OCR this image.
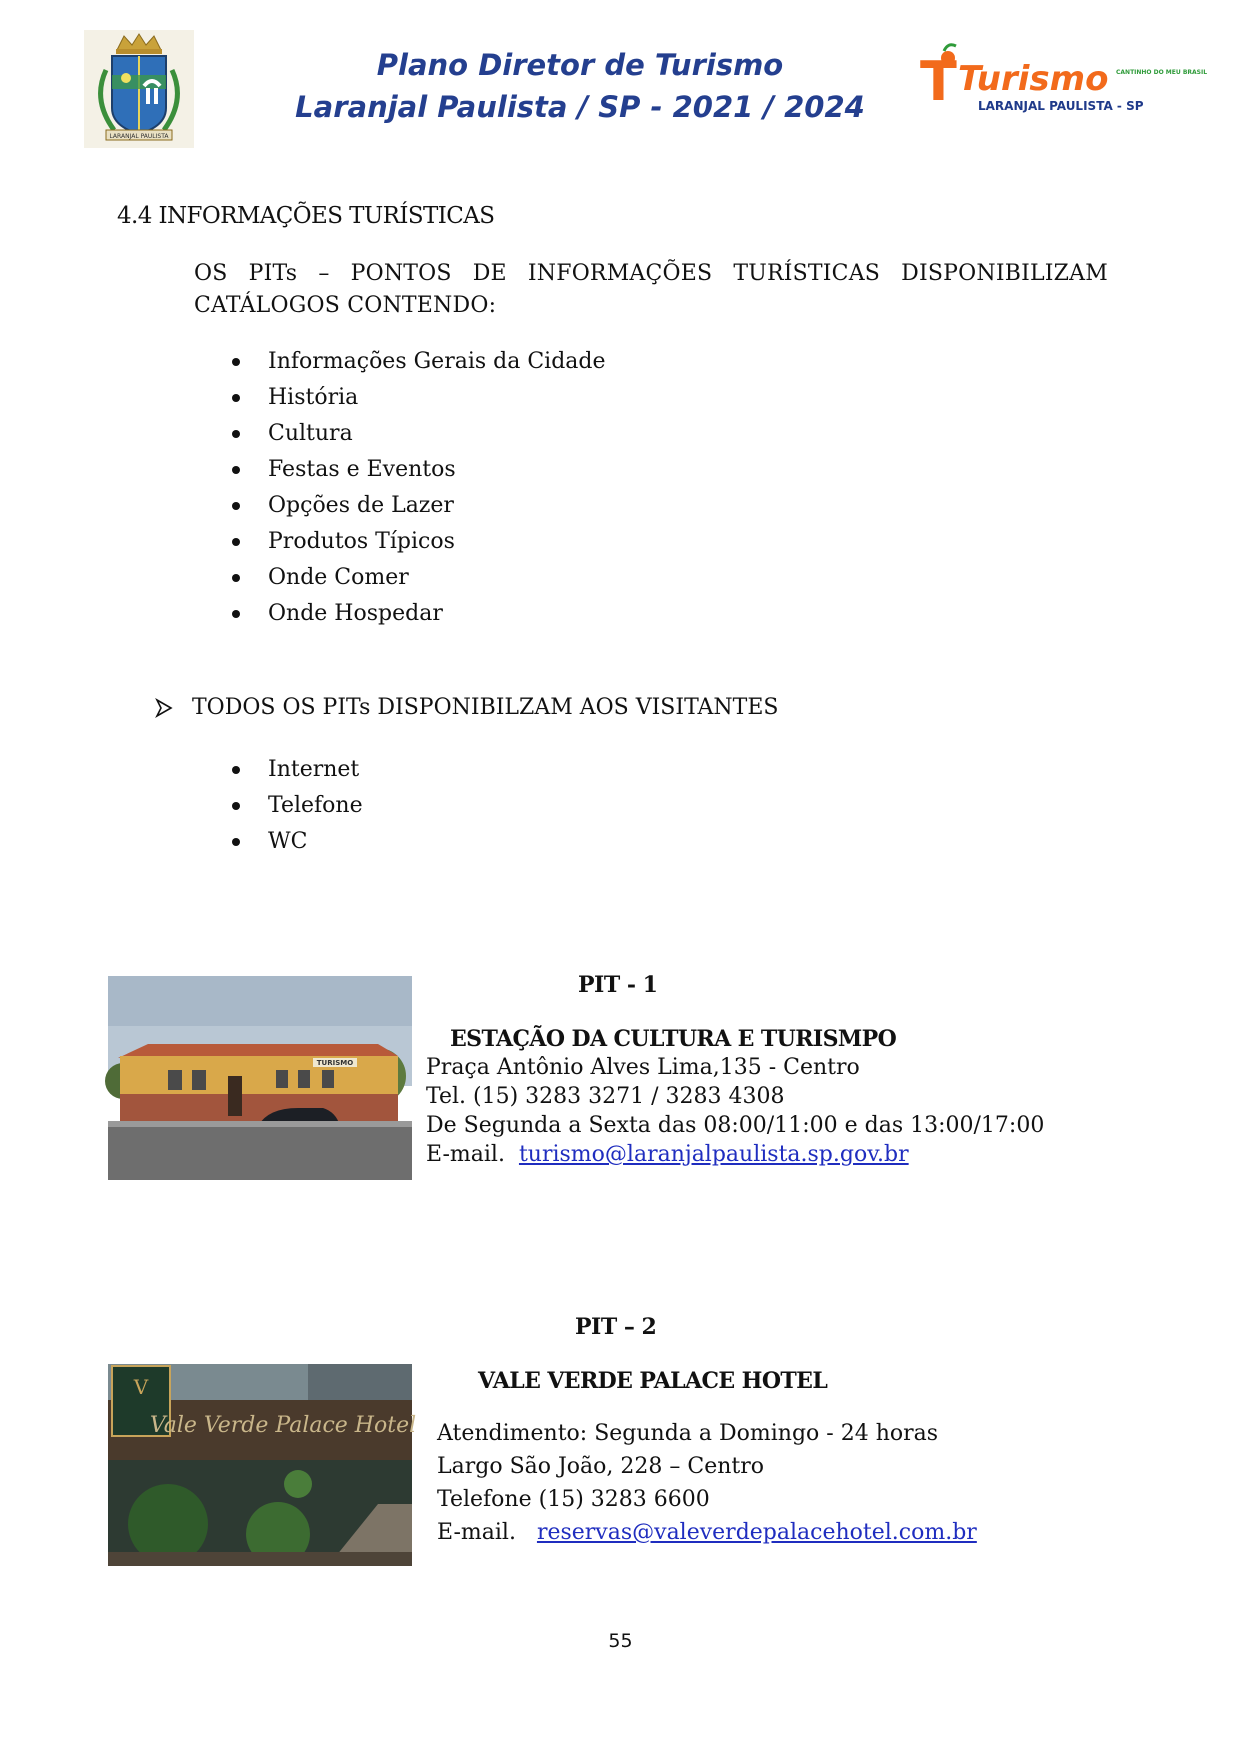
LARANJAL PAULISTA
Plano Diretor de Turismo
Laranjal Paulista / SP - 2021 / 2024	T Turismo CANTINHO DO MEU BRASIL
LARANJAL PAULISTA - SP
4.4 INFORMAÇÕES TURÍSTICAS
OS PITs – PONTOS DE INFORMAÇÕES TURÍSTICAS DISPONIBILIZAM
CATÁLOGOS CONTENDO:
Informações Gerais da Cidade
História
Cultura
Festas e Eventos
Opções de Lazer
Produtos Típicos
Onde Comer
Onde Hospedar
TODOS OS PITs DISPONIBILZAM AOS VISITANTES
Internet
Telefone
WC
TURISMO
PIT - 1
ESTAÇÃO DA CULTURA E TURISMPO
Praça Antônio Alves Lima,135 - Centro
Tel. (15) 3283 3271 / 3283 4308
De Segunda a Sexta das 08:00/11:00 e das 13:00/17:00
E-mail. turismo@laranjalpaulista.sp.gov.br
PIT – 2
VALE VERDE PALACE HOTEL
V
Vale Verde Palace Hotel Atendimento: Segunda a Domingo - 24 horas
Largo São João, 228 – Centro
Telefone (15) 3283 6600
E-mail. reservas@valeverdepalacehotel.com.br
55
